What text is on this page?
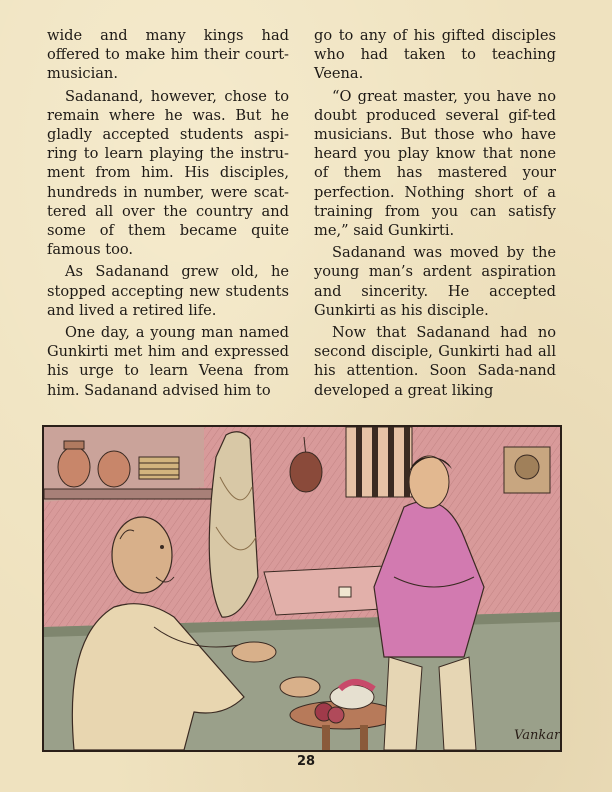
wide and many kings had offered to make him their court-musician.

Sadanand, however, chose to remain where he was. But he gladly accepted students aspi-ring to learn playing the instru-ment from him. His disciples, hundreds in number, were scat-tered all over the country and some of them became quite famous too.

As Sadanand grew old, he stopped accepting new students and lived a retired life.

One day, a young man named Gunkirti met him and expressed his urge to learn Veena from him. Sadanand advised him to

go to any of his gifted disciples who had taken to teaching Veena.

“O great master, you have no doubt produced several gif-ted musicians. But those who have heard you play know that none of them has mastered your perfection. Nothing short of a training from you can satisfy me,” said Gunkirti.

Sadanand was moved by the young man’s ardent aspiration and sincerity. He accepted Gunkirti as his disciple.

Now that Sadanand had no second disciple, Gunkirti had all his attention. Soon Sada-nand developed a great liking

Vankar
28
